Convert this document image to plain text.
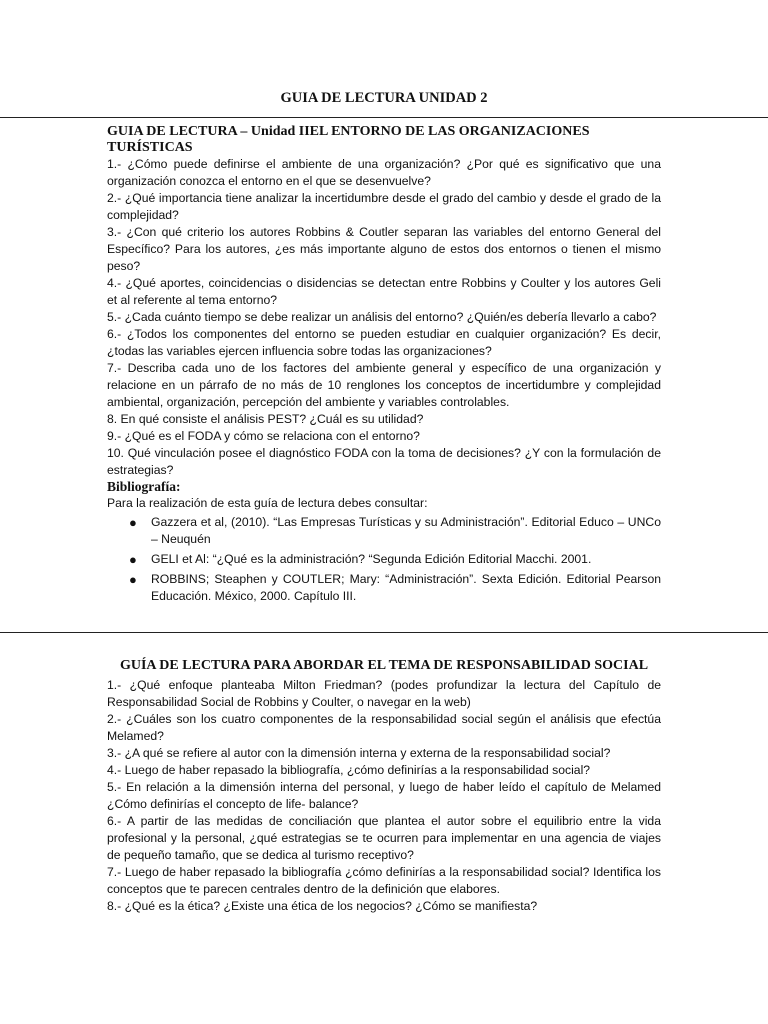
GUIA DE LECTURA UNIDAD 2
GUIA DE LECTURA – Unidad IIEL ENTORNO DE LAS ORGANIZACIONES TURÍSTICAS

1.- ¿Cómo puede definirse el ambiente de una organización? ¿Por qué es significativo que una organización conozca el entorno en el que se desenvuelve?

2.- ¿Qué importancia tiene analizar la incertidumbre desde el grado del cambio y desde el grado de la complejidad?

3.- ¿Con qué criterio los autores Robbins & Coutler separan las variables del entorno General del Específico? Para los autores, ¿es más importante alguno de estos dos entornos o tienen el mismo peso?

4.- ¿Qué aportes, coincidencias o disidencias se detectan entre Robbins y Coulter y los autores Geli et al referente al tema entorno?

5.- ¿Cada cuánto tiempo se debe realizar un análisis del entorno? ¿Quién/es debería llevarlo a cabo?

6.- ¿Todos los componentes del entorno se pueden estudiar en cualquier organización? Es decir, ¿todas las variables ejercen influencia sobre todas las organizaciones?

7.- Describa cada uno de los factores del ambiente general y específico de una organización y relacione en un párrafo de no más de 10 renglones los conceptos de incertidumbre y complejidad ambiental, organización, percepción del ambiente y variables controlables.

8. En qué consiste el análisis PEST? ¿Cuál es su utilidad?

9.- ¿Qué es el FODA y cómo se relaciona con el entorno?

10. Qué vinculación posee el diagnóstico FODA con la toma de decisiones? ¿Y con la formulación de estrategias?

Bibliografía:

Para la realización de esta guía de lectura debes consultar:

● Gazzera et al, (2010). “Las Empresas Turísticas y su Administración”. Editorial Educo – UNCo – Neuquén
● GELI et Al: “¿Qué es la administración? “Segunda Edición Editorial Macchi. 2001.
● ROBBINS; Steaphen y COUTLER; Mary: “Administración”. Sexta Edición. Editorial Pearson Educación. México, 2000. Capítulo III.
GUÍA DE LECTURA PARA ABORDAR EL TEMA DE RESPONSABILIDAD SOCIAL

1.- ¿Qué enfoque planteaba Milton Friedman? (podes profundizar la lectura del Capítulo de Responsabilidad Social de Robbins y Coulter, o navegar en la web)

2.- ¿Cuáles son los cuatro componentes de la responsabilidad social según el análisis que efectúa Melamed?

3.- ¿A qué se refiere al autor con la dimensión interna y externa de la responsabilidad social?

4.- Luego de haber repasado la bibliografía, ¿cómo definirías a la responsabilidad social?

5.- En relación a la dimensión interna del personal, y luego de haber leído el capítulo de Melamed ¿Cómo definirías el concepto de life- balance?

6.- A partir de las medidas de conciliación que plantea el autor sobre el equilibrio entre la vida profesional y la personal, ¿qué estrategias se te ocurren para implementar en una agencia de viajes de pequeño tamaño, que se dedica al turismo receptivo?

7.- Luego de haber repasado la bibliografía ¿cómo definirías a la responsabilidad social? Identifica los conceptos que te parecen centrales dentro de la definición que elabores.

8.- ¿Qué es la ética? ¿Existe una ética de los negocios? ¿Cómo se manifiesta?
